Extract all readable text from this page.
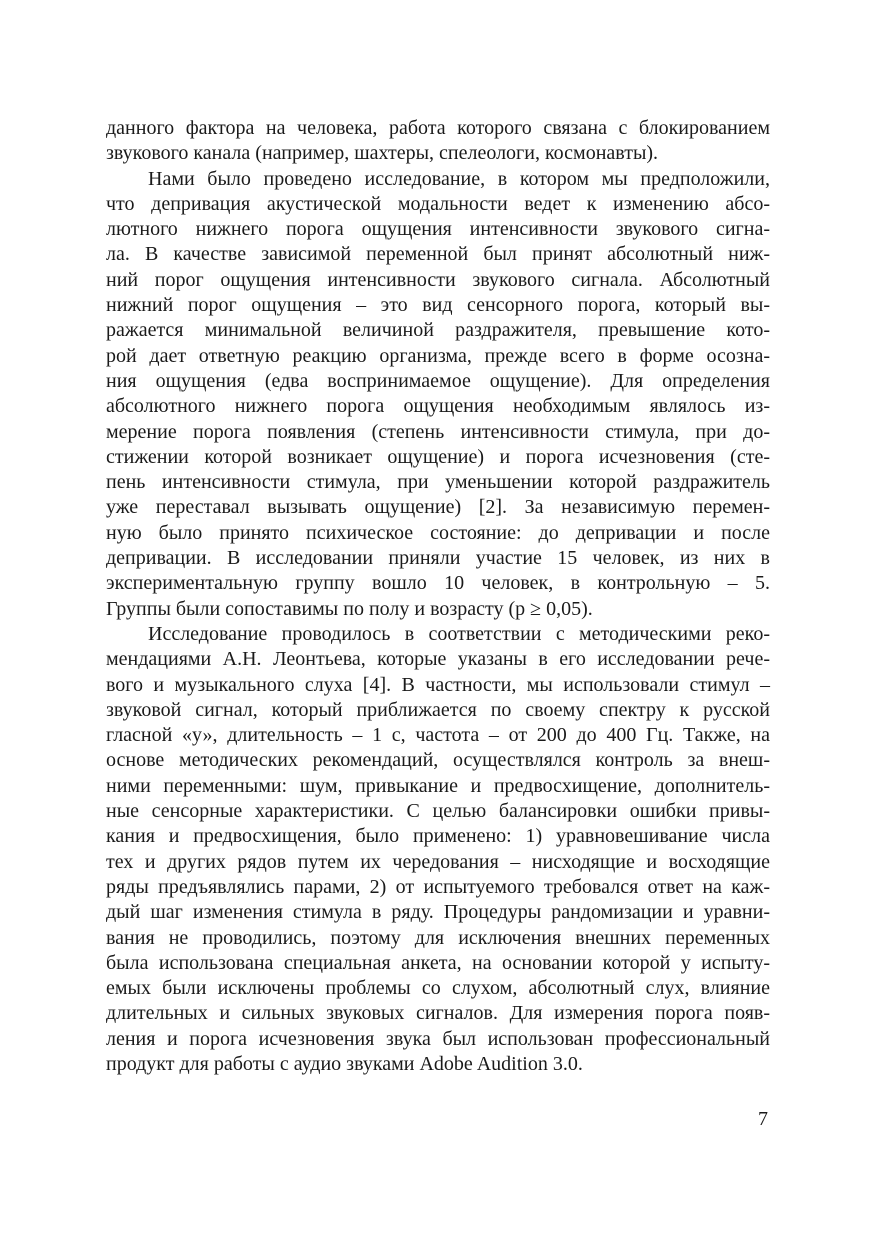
данного фактора на человека, работа которого связана с блокированием
звукового канала (например, шахтеры, спелеологи, космонавты).

Нами было проведено исследование, в котором мы предположили,
что депривация акустической модальности ведет к изменению абсо-
лютного нижнего порога ощущения интенсивности звукового сигна-
ла. В качестве зависимой переменной был принят абсолютный ниж-
ний порог ощущения интенсивности звукового сигнала. Абсолютный
нижний порог ощущения – это вид сенсорного порога, который вы-
ражается минимальной величиной раздражителя, превышение кото-
рой дает ответную реакцию организма, прежде всего в форме осозна-
ния ощущения (едва воспринимаемое ощущение). Для определения
абсолютного нижнего порога ощущения необходимым являлось из-
мерение порога появления (степень интенсивности стимула, при до-
стижении которой возникает ощущение) и порога исчезновения (сте-
пень интенсивности стимула, при уменьшении которой раздражитель
уже переставал вызывать ощущение) [2]. За независимую перемен-
ную было принято психическое состояние: до депривации и после
депривации. В исследовании приняли участие 15 человек, из них в
экспериментальную группу вошло 10 человек, в контрольную – 5.
Группы были сопоставимы по полу и возрасту (p ≥ 0,05).

Исследование проводилось в соответствии с методическими реко-
мендациями А.Н. Леонтьева, которые указаны в его исследовании рече-
вого и музыкального слуха [4]. В частности, мы использовали стимул –
звуковой сигнал, который приближается по своему спектру к русской
гласной «у», длительность – 1 с, частота – от 200 до 400 Гц. Также, на
основе методических рекомендаций, осуществлялся контроль за внеш-
ними переменными: шум, привыкание и предвосхищение, дополнитель-
ные сенсорные характеристики. С целью балансировки ошибки привы-
кания и предвосхищения, было применено: 1) уравновешивание числа
тех и других рядов путем их чередования – нисходящие и восходящие
ряды предъявлялись парами, 2) от испытуемого требовался ответ на каж-
дый шаг изменения стимула в ряду. Процедуры рандомизации и уравни-
вания не проводились, поэтому для исключения внешних переменных
была использована специальная анкета, на основании которой у испыту-
емых были исключены проблемы со слухом, абсолютный слух, влияние
длительных и сильных звуковых сигналов. Для измерения порога появ-
ления и порога исчезновения звука был использован профессиональный
продукт для работы с аудио звуками Adobe Audition 3.0.

7
